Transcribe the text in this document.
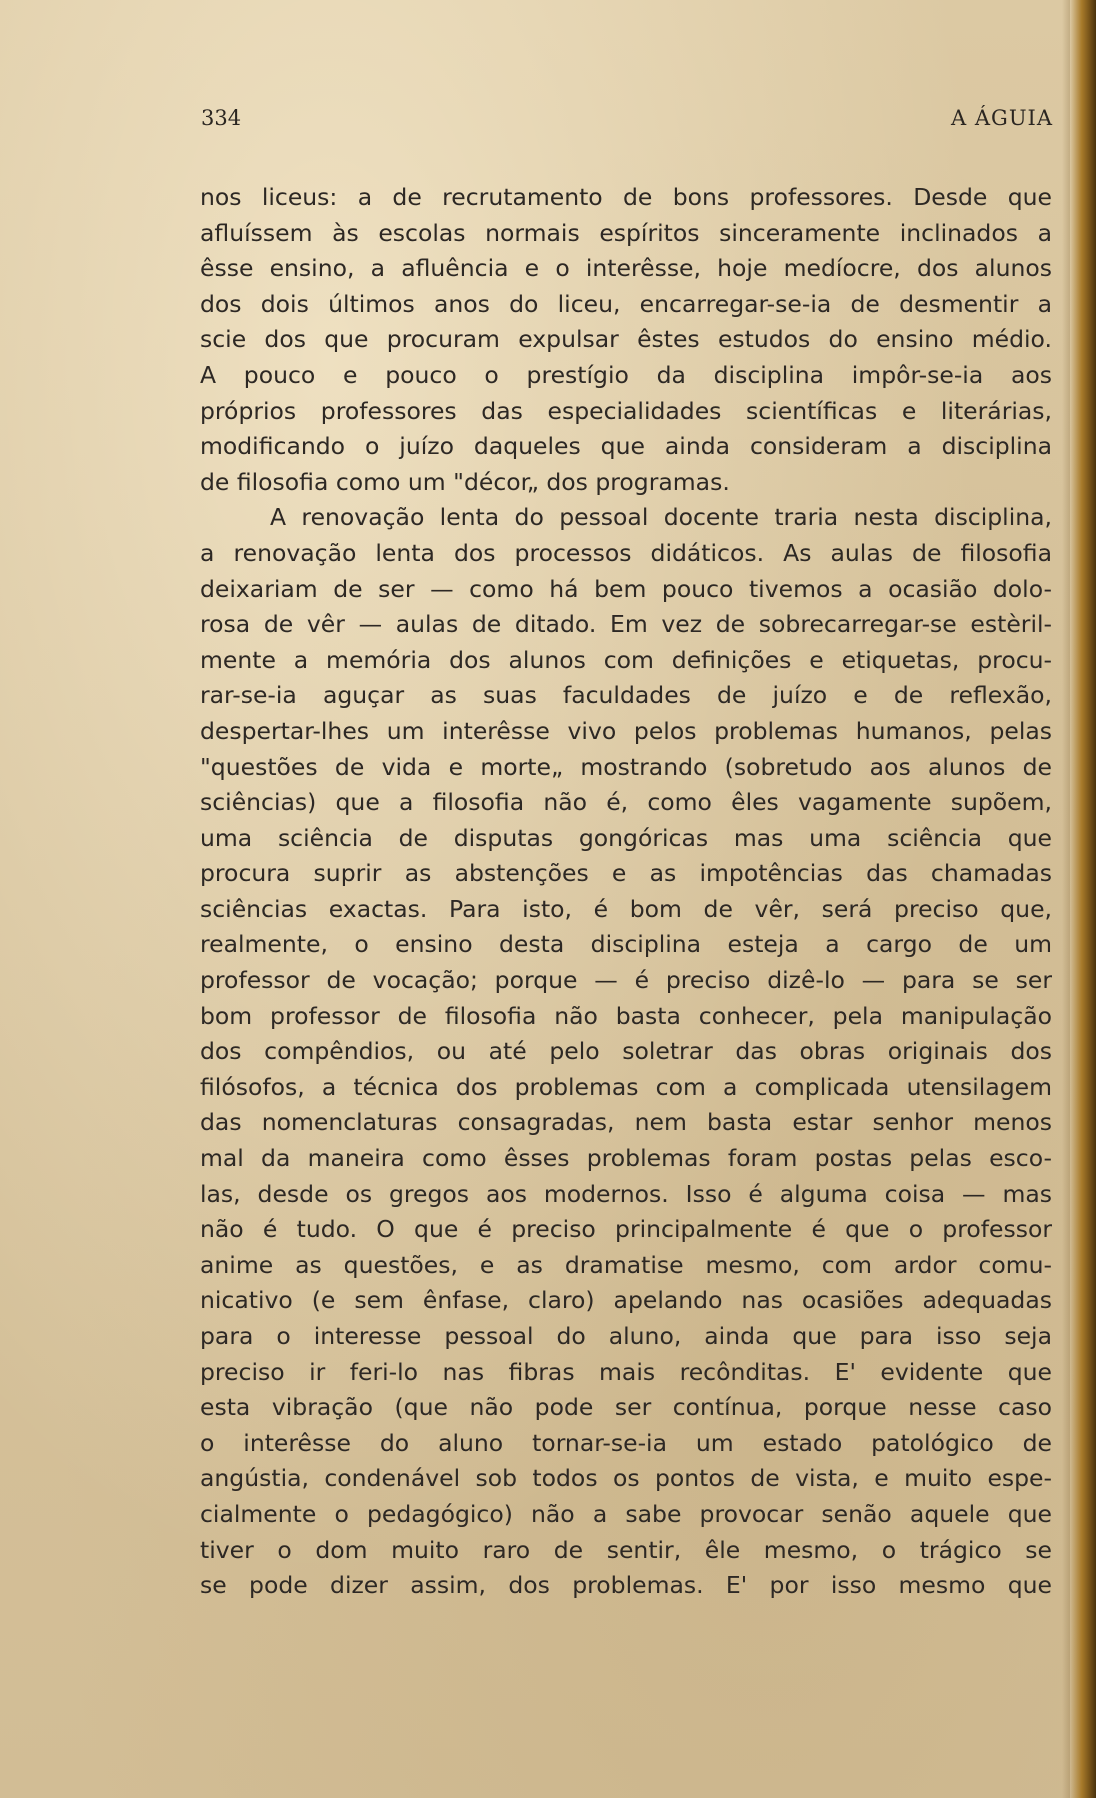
334	A ÁGUIA
nos liceus: a de recrutamento de bons professores. Desde que
afluíssem às escolas normais espíritos sinceramente inclinados a
êsse ensino, a afluência e o interêsse, hoje medíocre, dos alunos
dos dois últimos anos do liceu, encarregar-se-ia de desmentir a
scie dos que procuram expulsar êstes estudos do ensino médio.
A pouco e pouco o prestígio da disciplina impôr-se-ia aos
próprios professores das especialidades scientíficas e literárias,
modificando o juízo daqueles que ainda consideram a disciplina
de filosofia como um "décor„ dos programas.
A renovação lenta do pessoal docente traria nesta disciplina,
a renovação lenta dos processos didáticos. As aulas de filosofia
deixariam de ser — como há bem pouco tivemos a ocasião dolo-
rosa de vêr — aulas de ditado. Em vez de sobrecarregar-se estèril-
mente a memória dos alunos com definições e etiquetas, procu-
rar-se-ia aguçar as suas faculdades de juízo e de reflexão,
despertar-lhes um interêsse vivo pelos problemas humanos, pelas
"questões de vida e morte„ mostrando (sobretudo aos alunos de
sciências) que a filosofia não é, como êles vagamente supõem,
uma sciência de disputas gongóricas mas uma sciência que
procura suprir as abstenções e as impotências das chamadas
sciências exactas. Para isto, é bom de vêr, será preciso que,
realmente, o ensino desta disciplina esteja a cargo de um
professor de vocação; porque — é preciso dizê-lo — para se ser
bom professor de filosofia não basta conhecer, pela manipulação
dos compêndios, ou até pelo soletrar das obras originais dos
filósofos, a técnica dos problemas com a complicada utensilagem
das nomenclaturas consagradas, nem basta estar senhor menos
mal da maneira como êsses problemas foram postas pelas esco-
las, desde os gregos aos modernos. Isso é alguma coisa — mas
não é tudo. O que é preciso principalmente é que o professor
anime as questões, e as dramatise mesmo, com ardor comu-
nicativo (e sem ênfase, claro) apelando nas ocasiões adequadas
para o interesse pessoal do aluno, ainda que para isso seja
preciso ir feri-lo nas fibras mais recônditas. E' evidente que
esta vibração (que não pode ser contínua, porque nesse caso
o interêsse do aluno tornar-se-ia um estado patológico de
angústia, condenável sob todos os pontos de vista, e muito espe-
cialmente o pedagógico) não a sabe provocar senão aquele que
tiver o dom muito raro de sentir, êle mesmo, o trágico se
se pode dizer assim, dos problemas. E' por isso mesmo que
